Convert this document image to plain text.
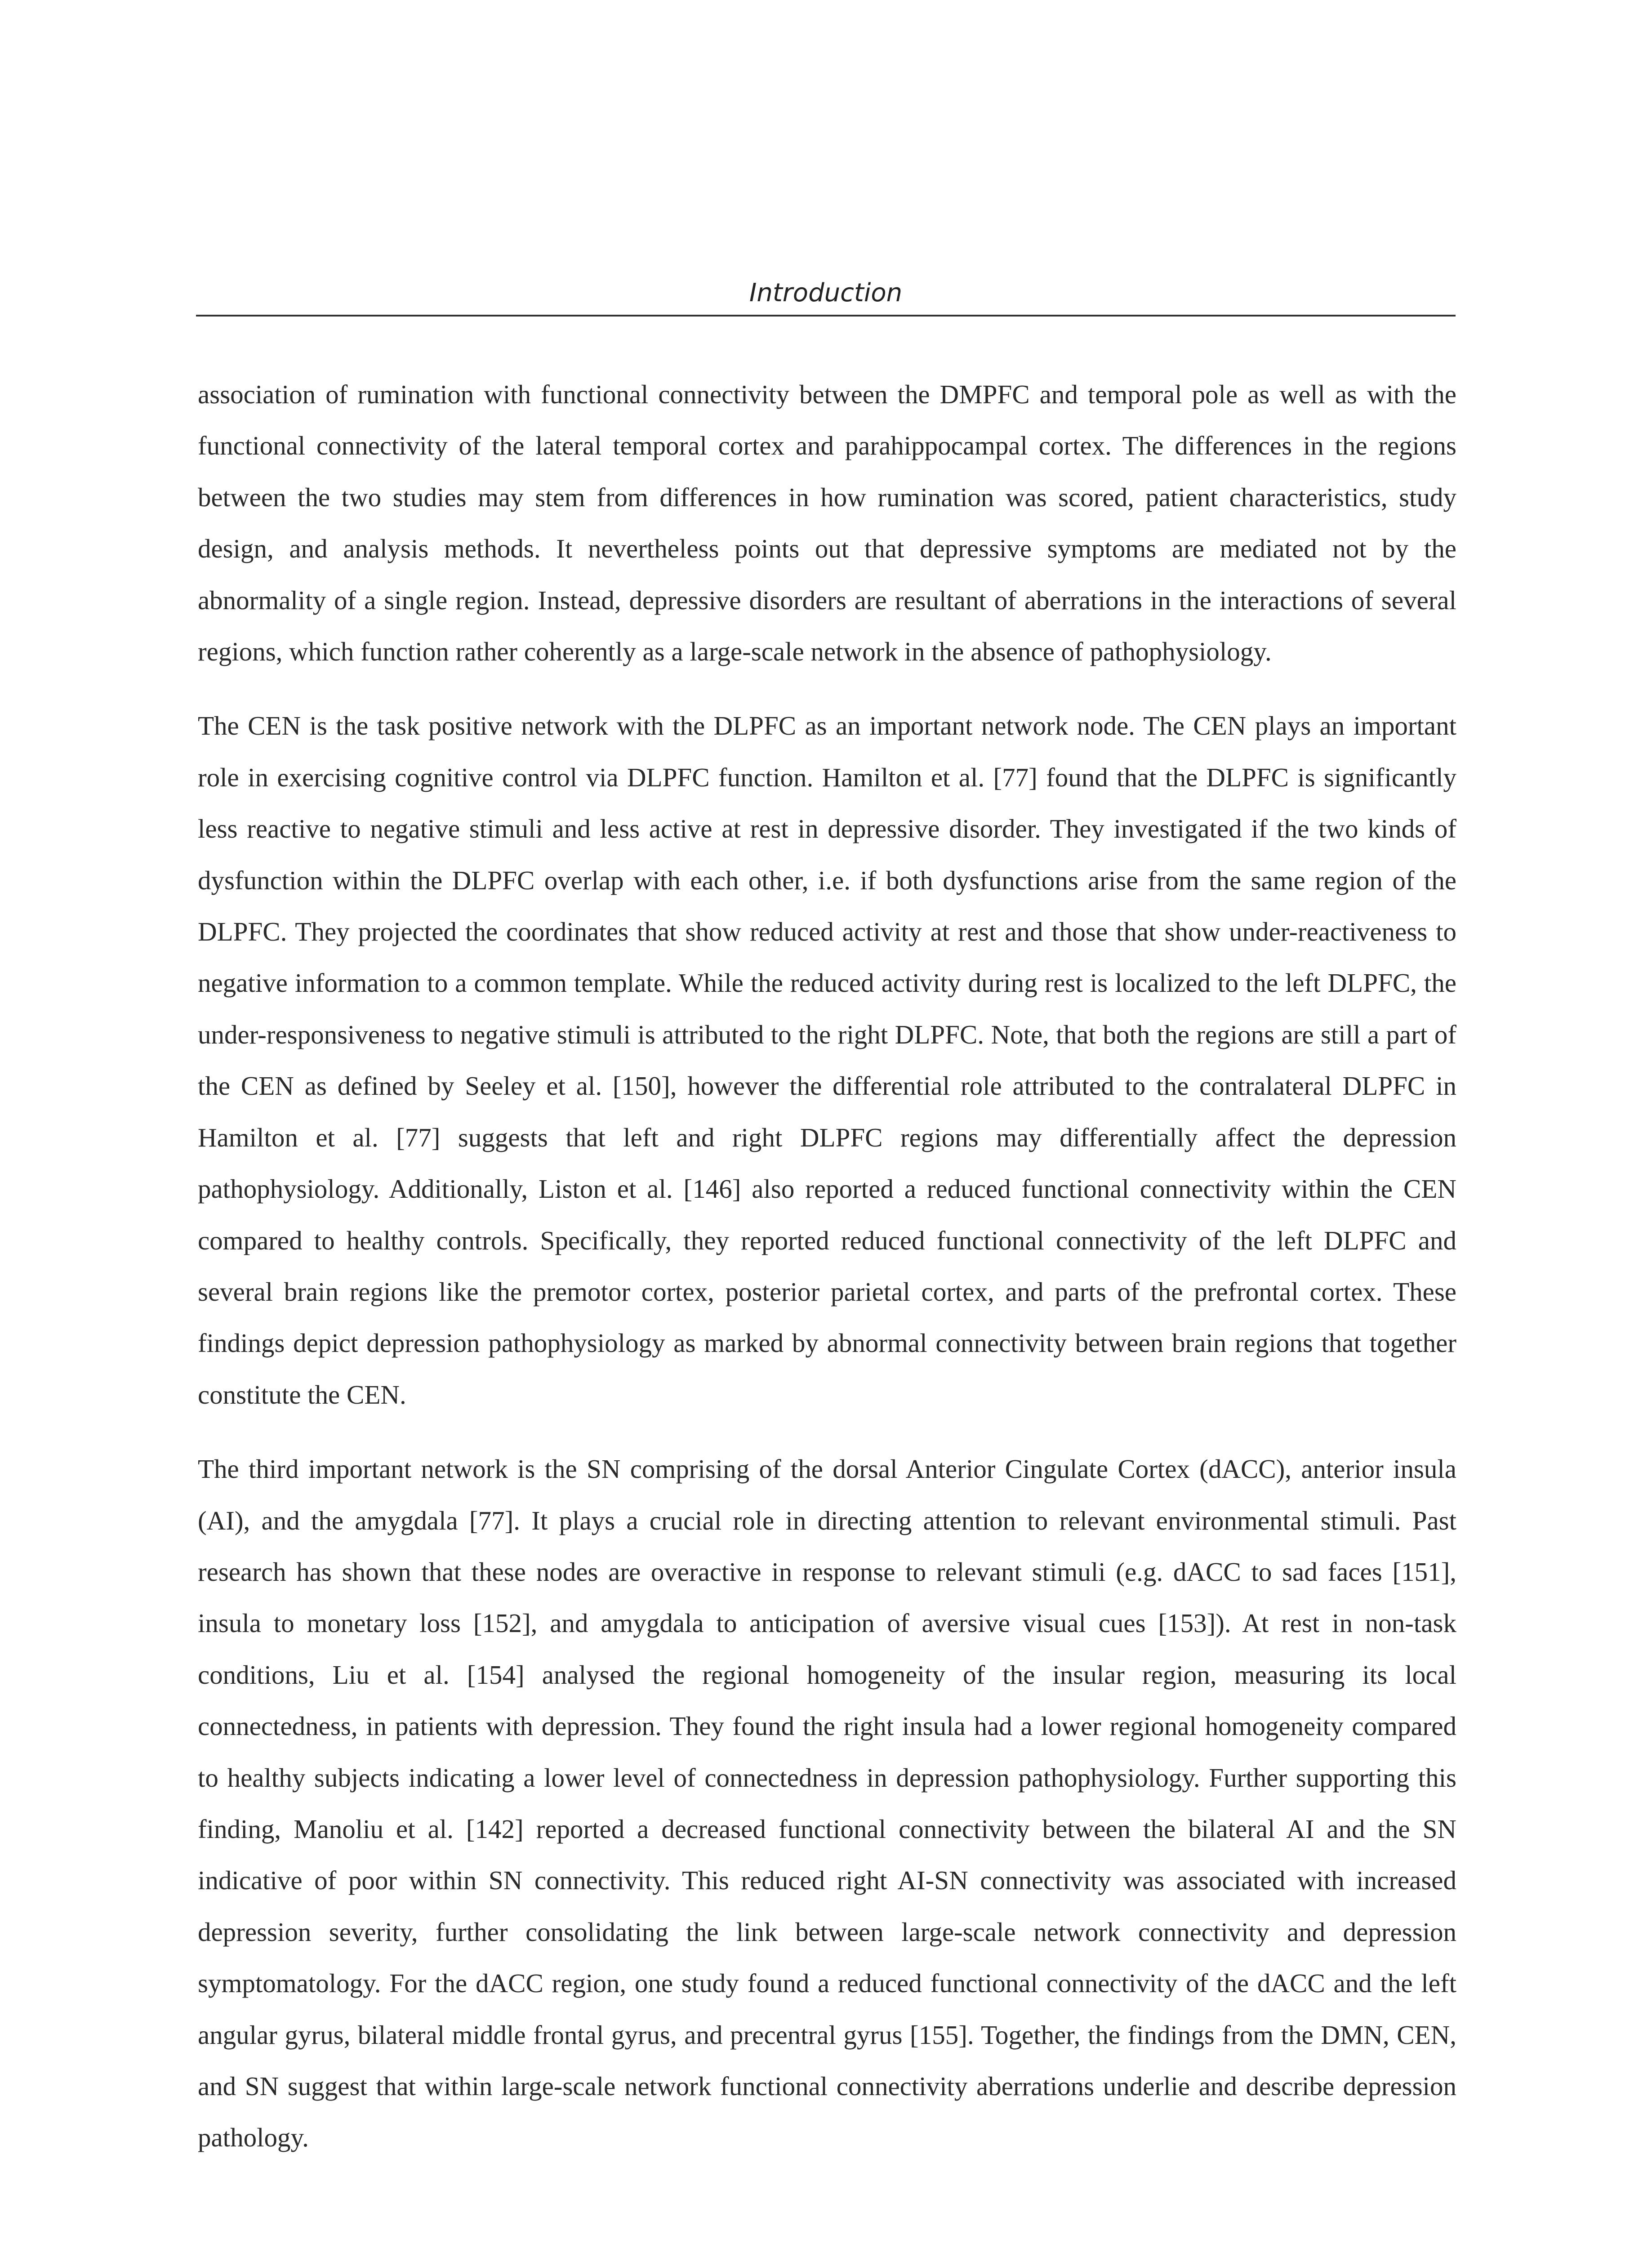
Introduction

association of rumination with functional connectivity between the DMPFC and temporal pole as well as with the functional connectivity of the lateral temporal cortex and parahippocampal cortex. The differences in the regions between the two studies may stem from differences in how rumination was scored, patient characteristics, study design, and analysis methods. It nevertheless points out that depressive symptoms are mediated not by the abnormality of a single region. Instead, depressive disorders are resultant of aberrations in the interactions of several regions, which function rather coherently as a large-scale network in the absence of pathophysiology.

The CEN is the task positive network with the DLPFC as an important network node. The CEN plays an important role in exercising cognitive control via DLPFC function. Hamilton et al. [77] found that the DLPFC is significantly less reactive to negative stimuli and less active at rest in depressive disorder. They investigated if the two kinds of dysfunction within the DLPFC overlap with each other, i.e. if both dysfunctions arise from the same region of the DLPFC. They projected the coordinates that show reduced activity at rest and those that show under-reactiveness to negative information to a common template. While the reduced activity during rest is localized to the left DLPFC, the under-responsiveness to negative stimuli is attributed to the right DLPFC. Note, that both the regions are still a part of the CEN as defined by Seeley et al. [150], however the differential role attributed to the contralateral DLPFC in Hamilton et al. [77] suggests that left and right DLPFC regions may differentially affect the depression pathophysiology. Additionally, Liston et al. [146] also reported a reduced functional connectivity within the CEN compared to healthy controls. Specifically, they reported reduced functional connectivity of the left DLPFC and several brain regions like the premotor cortex, posterior parietal cortex, and parts of the prefrontal cortex. These findings depict depression pathophysiology as marked by abnormal connectivity between brain regions that together constitute the CEN.

The third important network is the SN comprising of the dorsal Anterior Cingulate Cortex (dACC), anterior insula (AI), and the amygdala [77]. It plays a crucial role in directing attention to relevant environmental stimuli. Past research has shown that these nodes are overactive in response to relevant stimuli (e.g. dACC to sad faces [151], insula to monetary loss [152], and amygdala to anticipation of aversive visual cues [153]). At rest in non-task conditions, Liu et al. [154] analysed the regional homogeneity of the insular region, measuring its local connectedness, in patients with depression. They found the right insula had a lower regional homogeneity compared to healthy subjects indicating a lower level of connectedness in depression pathophysiology. Further supporting this finding, Manoliu et al. [142] reported a decreased functional connectivity between the bilateral AI and the SN indicative of poor within SN connectivity. This reduced right AI-SN connectivity was associated with increased depression severity, further consolidating the link between large-scale network connectivity and depression symptomatology. For the dACC region, one study found a reduced functional connectivity of the dACC and the left angular gyrus, bilateral middle frontal gyrus, and precentral gyrus [155]. Together, the findings from the DMN, CEN, and SN suggest that within large-scale network functional connectivity aberrations underlie and describe depression pathology.
